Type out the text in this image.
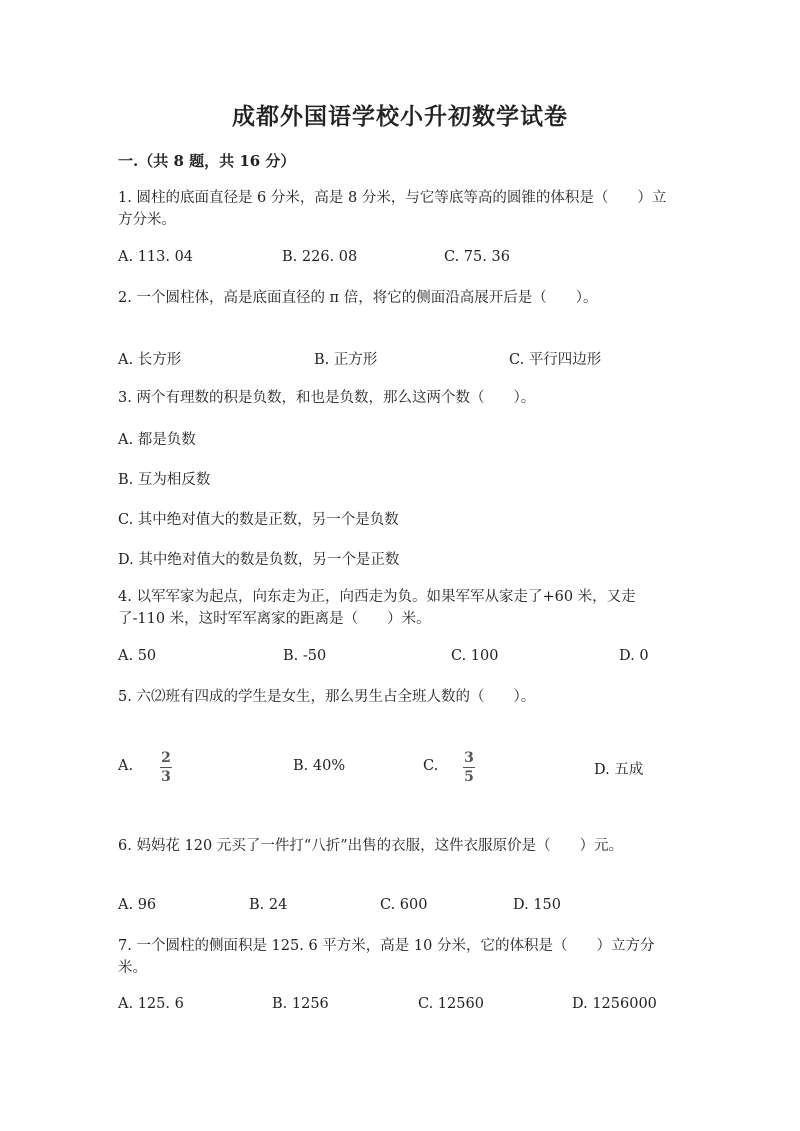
成都外国语学校小升初数学试卷
一.（共 8 题，共 16 分）
1. 圆柱的底面直径是 6 分米，高是 8 分米，与它等底等高的圆锥的体积是（　　）立方分米。
A. 113. 04	B. 226. 08	C. 75. 36
2. 一个圆柱体，高是底面直径的 π 倍，将它的侧面沿高展开后是（　　）。
A. 长方形	B. 正方形	C. 平行四边形
3. 两个有理数的积是负数，和也是负数，那么这两个数（　　）。
A. 都是负数
B. 互为相反数
C. 其中绝对值大的数是正数，另一个是负数
D. 其中绝对值大的数是负数，另一个是正数
4. 以军军家为起点，向东走为正，向西走为负。如果军军从家走了+60 米，又走了-110 米，这时军军离家的距离是（　　）米。
A. 50	B. -50	C. 100	D. 0
5. 六⑵班有四成的学生是女生，那么男生占全班人数的（　　）。
A. 2
3
B. 40%	C. 3
5	D. 五成
6. 妈妈花 120 元买了一件打“八折”出售的衣服，这件衣服原价是（　　）元。
A. 96	B. 24	C. 600	D. 150
7. 一个圆柱的侧面积是 125. 6 平方米，高是 10 分米，它的体积是（　　）立方分米。
A. 125. 6	B. 1256	C. 12560	D. 1256000
